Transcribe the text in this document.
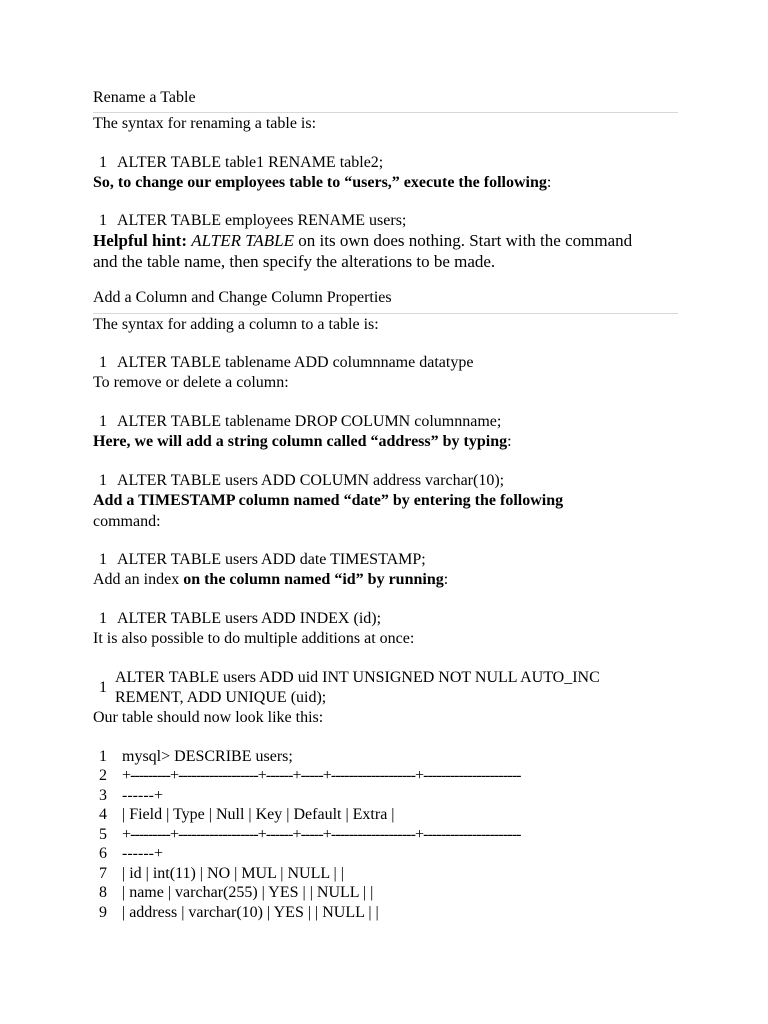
Rename a Table
The syntax for renaming a table is:
1 ALTER TABLE table1 RENAME table2;
So, to change our employees table to “users,” execute the following:
1 ALTER TABLE employees RENAME users;
Helpful hint: ALTER TABLE on its own does nothing. Start with the command
and the table name, then specify the alterations to be made.
Add a Column and Change Column Properties
The syntax for adding a column to a table is:
1 ALTER TABLE tablename ADD columnname datatype
To remove or delete a column:
1 ALTER TABLE tablename DROP COLUMN columnname;
Here, we will add a string column called “address” by typing:
1 ALTER TABLE users ADD COLUMN address varchar(10);
Add a TIMESTAMP column named “date” by entering the following
command:
1 ALTER TABLE users ADD date TIMESTAMP;
Add an index on the column named “id” by running:
1 ALTER TABLE users ADD INDEX (id);
It is also possible to do multiple additions at once:
1
ALTER TABLE users ADD uid INT UNSIGNED NOT NULL AUTO_INC
REMENT, ADD UNIQUE (uid);
Our table should now look like this:
1 mysql> DESCRIBE users;
2 +---------+------------------+------+-----+-------------------+----------------------
3 ------+
4 | Field | Type | Null | Key | Default | Extra |
5 +---------+------------------+------+-----+-------------------+----------------------
6 ------+
7 | id | int(11) | NO | MUL | NULL | |
8 | name | varchar(255) | YES | | NULL | |
9 | address | varchar(10) | YES | | NULL | |
